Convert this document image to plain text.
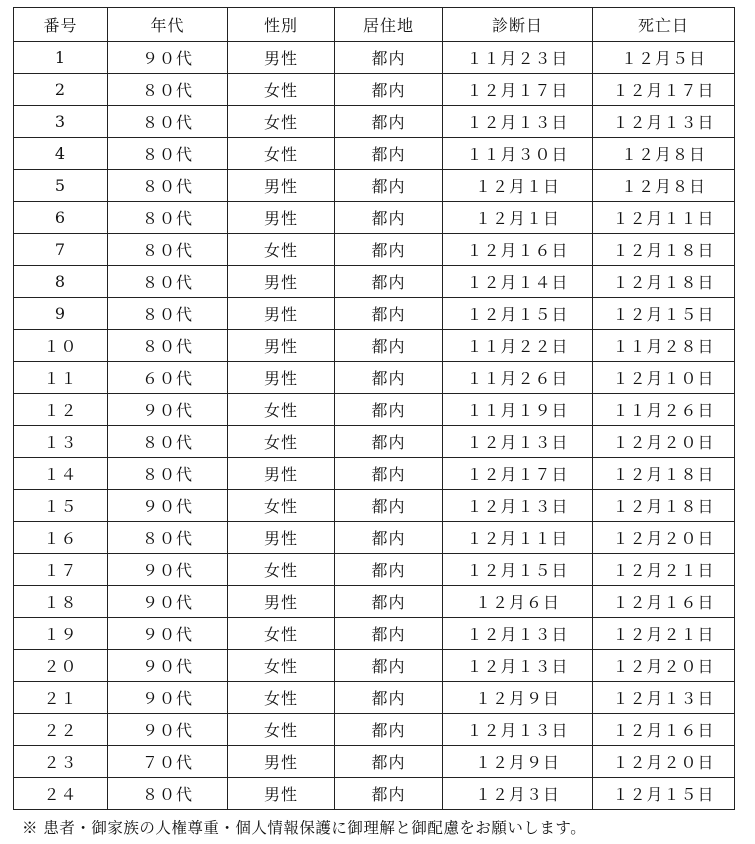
番号	年代	性別	居住地	診断日	死亡日
1	９０代	男性	都内	１１月２３日	１２月５日
2	８０代	女性	都内	１２月１７日	１２月１７日
3	８０代	女性	都内	１２月１３日	１２月１３日
4	８０代	女性	都内	１１月３０日	１２月８日
5	８０代	男性	都内	１２月１日	１２月８日
6	８０代	男性	都内	１２月１日	１２月１１日
7	８０代	女性	都内	１２月１６日	１２月１８日
8	８０代	男性	都内	１２月１４日	１２月１８日
9	８０代	男性	都内	１２月１５日	１２月１５日
１０	８０代	男性	都内	１１月２２日	１１月２８日
１１	６０代	男性	都内	１１月２６日	１２月１０日
１２	９０代	女性	都内	１１月１９日	１１月２６日
１３	８０代	女性	都内	１２月１３日	１２月２０日
１４	８０代	男性	都内	１２月１７日	１２月１８日
１５	９０代	女性	都内	１２月１３日	１２月１８日
１６	８０代	男性	都内	１２月１１日	１２月２０日
１７	９０代	女性	都内	１２月１５日	１２月２１日
１８	９０代	男性	都内	１２月６日	１２月１６日
１９	９０代	女性	都内	１２月１３日	１２月２１日
２０	９０代	女性	都内	１２月１３日	１２月２０日
２１	９０代	女性	都内	１２月９日	１２月１３日
２２	９０代	女性	都内	１２月１３日	１２月１６日
２３	７０代	男性	都内	１２月９日	１２月２０日
２４	８０代	男性	都内	１２月３日	１２月１５日
※ 患者・御家族の人権尊重・個人情報保護に御理解と御配慮をお願いします。
